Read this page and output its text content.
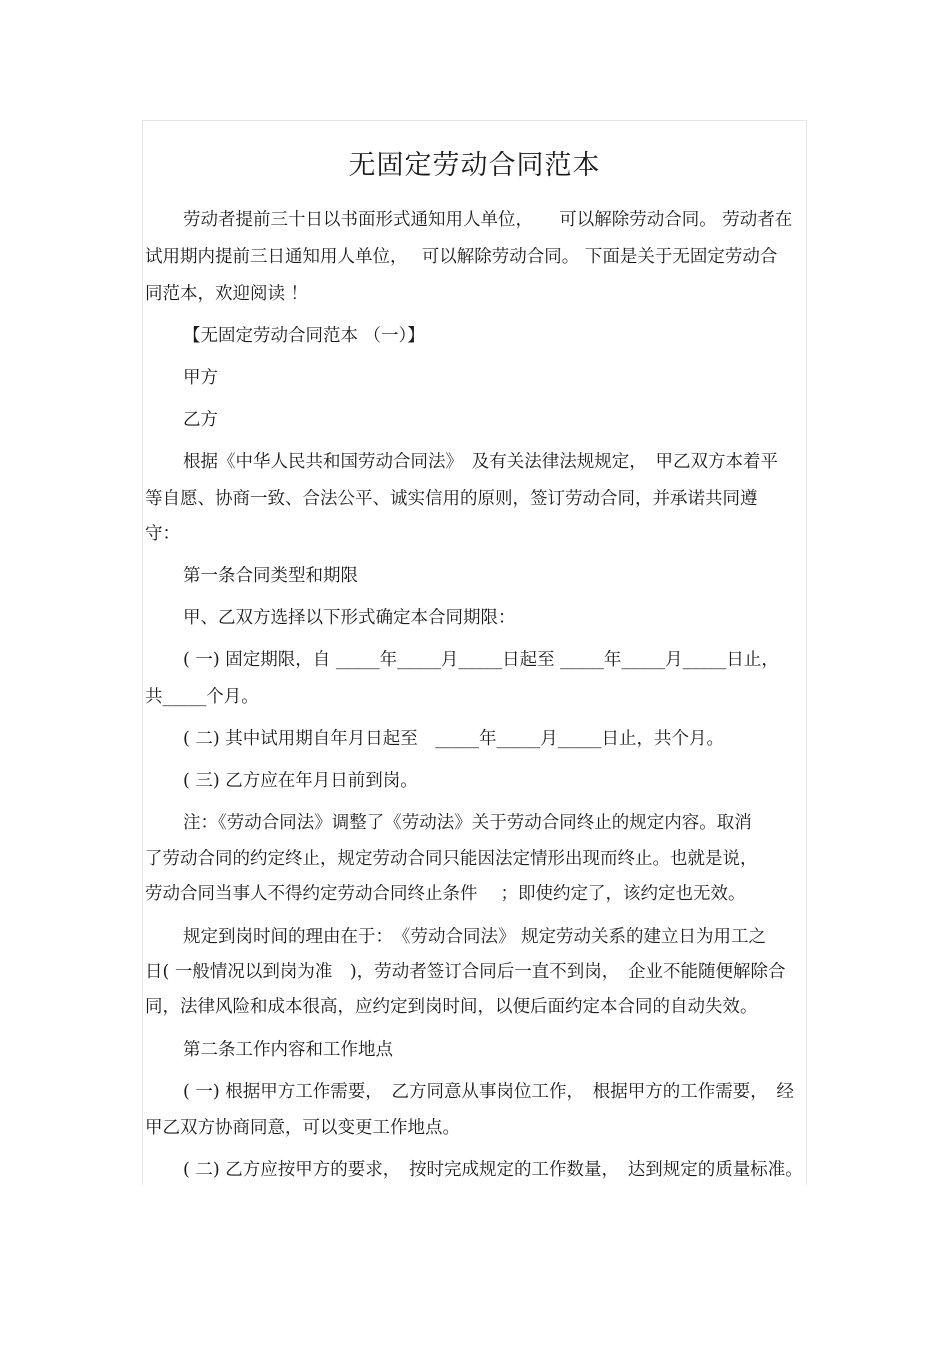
无固定劳动合同范本
劳动者提前三十日以书面形式通知用人单位，　　可以解除劳动合同。 劳动者在
试用期内提前三日通知用人单位，　 可以解除劳动合同。 下面是关于无固定劳动合
同范本，欢迎阅读 ！
【无固定劳动合同范本 （一）】
甲方
乙方
根据《中华人民共和国劳动合同法》　及有关法律法规规定，　甲乙双方本着平
等自愿、协商一致、合法公平、诚实信用的原则，签订劳动合同，并承诺共同遵
守：
第一条合同类型和期限
甲、乙双方选择以下形式确定本合同期限：
( 一) 固定期限，自 _____年_____月_____日起至 _____年_____月_____日止，
共_____个月。
( 二) 其中试用期自年月日起至　_____年_____月_____日止，共个月。
( 三) 乙方应在年月日前到岗。
注：《劳动合同法》调整了《劳动法》关于劳动合同终止的规定内容。取消
了劳动合同的约定终止，规定劳动合同只能因法定情形出现而终止。也就是说，
劳动合同当事人不得约定劳动合同终止条件　 ；即使约定了，该约定也无效。
规定到岗时间的理由在于：　《劳动合同法》 规定劳动关系的建立日为用工之
日( 一般情况以到岗为准　)，劳动者签订合同后一直不到岗，　企业不能随便解除合
同，法律风险和成本很高，应约定到岗时间，以便后面约定本合同的自动失效。
第二条工作内容和工作地点
( 一) 根据甲方工作需要，　乙方同意从事岗位工作，　根据甲方的工作需要，　经
甲乙双方协商同意，可以变更工作地点。
( 二) 乙方应按甲方的要求，　按时完成规定的工作数量，　达到规定的质量标准。
